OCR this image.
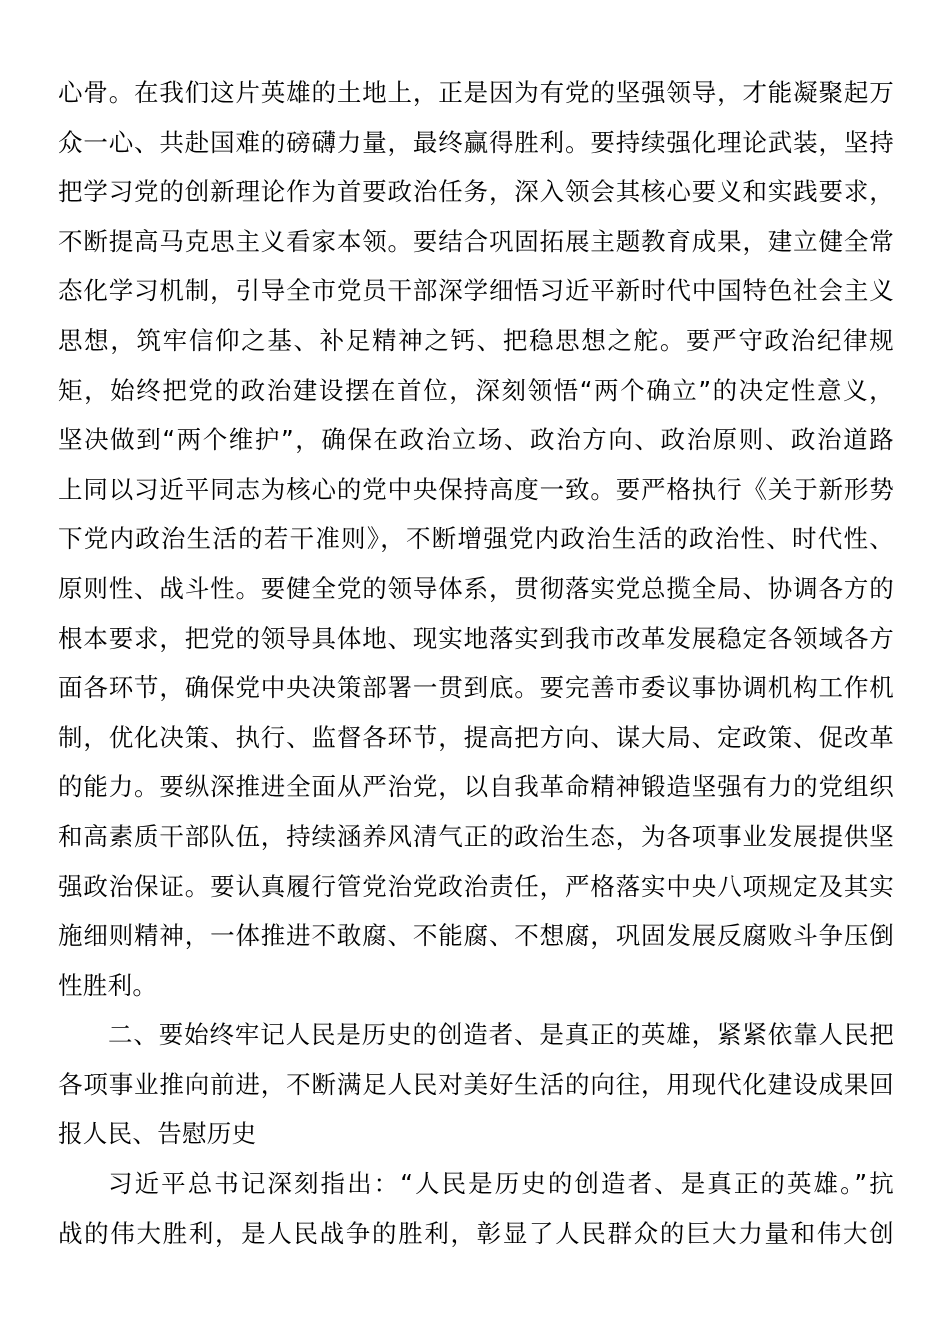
心骨。在我们这片英雄的土地上，正是因为有党的坚强领导，才能凝聚起万
众一心、共赴国难的磅礴力量，最终赢得胜利。要持续强化理论武装，坚持
把学习党的创新理论作为首要政治任务，深入领会其核心要义和实践要求，
不断提高马克思主义看家本领。要结合巩固拓展主题教育成果，建立健全常
态化学习机制，引导全市党员干部深学细悟习近平新时代中国特色社会主义
思想，筑牢信仰之基、补足精神之钙、把稳思想之舵。要严守政治纪律规
矩，始终把党的政治建设摆在首位，深刻领悟“两个确立”的决定性意义，
坚决做到“两个维护”，确保在政治立场、政治方向、政治原则、政治道路
上同以习近平同志为核心的党中央保持高度一致。要严格执行《关于新形势
下党内政治生活的若干准则》，不断增强党内政治生活的政治性、时代性、
原则性、战斗性。要健全党的领导体系，贯彻落实党总揽全局、协调各方的
根本要求，把党的领导具体地、现实地落实到我市改革发展稳定各领域各方
面各环节，确保党中央决策部署一贯到底。要完善市委议事协调机构工作机
制，优化决策、执行、监督各环节，提高把方向、谋大局、定政策、促改革
的能力。要纵深推进全面从严治党，以自我革命精神锻造坚强有力的党组织
和高素质干部队伍，持续涵养风清气正的政治生态，为各项事业发展提供坚
强政治保证。要认真履行管党治党政治责任，严格落实中央八项规定及其实
施细则精神，一体推进不敢腐、不能腐、不想腐，巩固发展反腐败斗争压倒
性胜利。

二、要始终牢记人民是历史的创造者、是真正的英雄，紧紧依靠人民把
各项事业推向前进，不断满足人民对美好生活的向往，用现代化建设成果回
报人民、告慰历史

习近平总书记深刻指出：“人民是历史的创造者、是真正的英雄。”抗
战的伟大胜利，是人民战争的胜利，彰显了人民群众的巨大力量和伟大创
